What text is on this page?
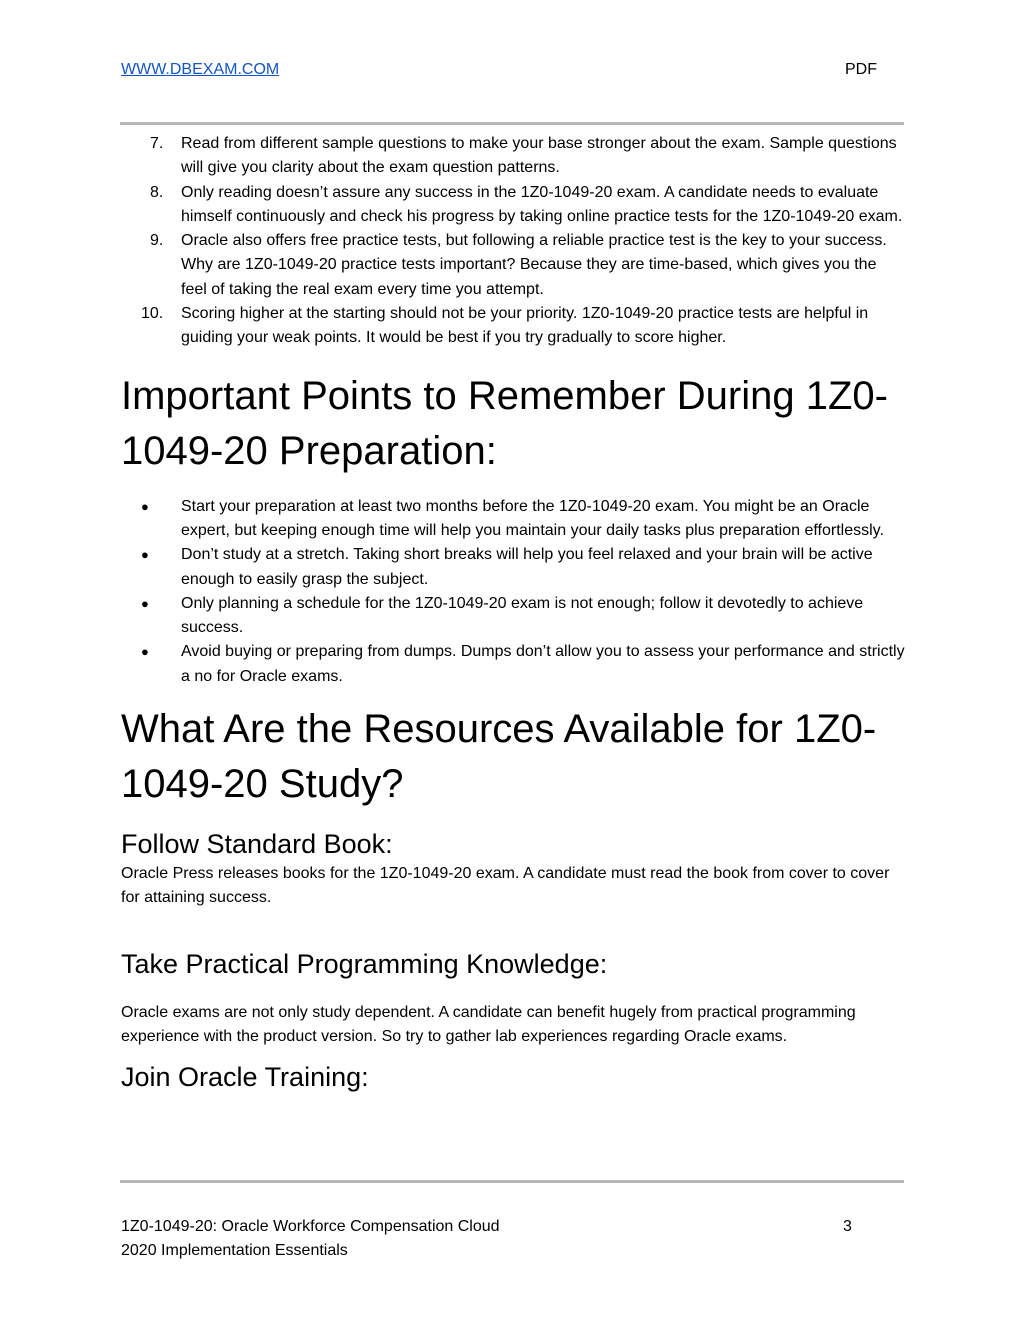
WWW.DBEXAM.COM	PDF
7. Read from different sample questions to make your base stronger about the exam. Sample questions will give you clarity about the exam question patterns.
8. Only reading doesn’t assure any success in the 1Z0-1049-20 exam. A candidate needs to evaluate himself continuously and check his progress by taking online practice tests for the 1Z0-1049-20 exam.
9. Oracle also offers free practice tests, but following a reliable practice test is the key to your success. Why are 1Z0-1049-20 practice tests important? Because they are time-based, which gives you the feel of taking the real exam every time you attempt.
10. Scoring higher at the starting should not be your priority. 1Z0-1049-20 practice tests are helpful in guiding your weak points. It would be best if you try gradually to score higher.
Important Points to Remember During 1Z0-
1049-20 Preparation:
● Start your preparation at least two months before the 1Z0-1049-20 exam. You might be an Oracle expert, but keeping enough time will help you maintain your daily tasks plus preparation effortlessly.
● Don’t study at a stretch. Taking short breaks will help you feel relaxed and your brain will be active enough to easily grasp the subject.
● Only planning a schedule for the 1Z0-1049-20 exam is not enough; follow it devotedly to achieve success.
● Avoid buying or preparing from dumps. Dumps don’t allow you to assess your performance and strictly a no for Oracle exams.
What Are the Resources Available for 1Z0-
1049-20 Study?
Follow Standard Book:

Oracle Press releases books for the 1Z0-1049-20 exam. A candidate must read the book from cover to cover for attaining success.

Take Practical Programming Knowledge:

Oracle exams are not only study dependent. A candidate can benefit hugely from practical programming experience with the product version. So try to gather lab experiences regarding Oracle exams.

Join Oracle Training:
1Z0-1049-20: Oracle Workforce Compensation Cloud
2020 Implementation Essentials
3
